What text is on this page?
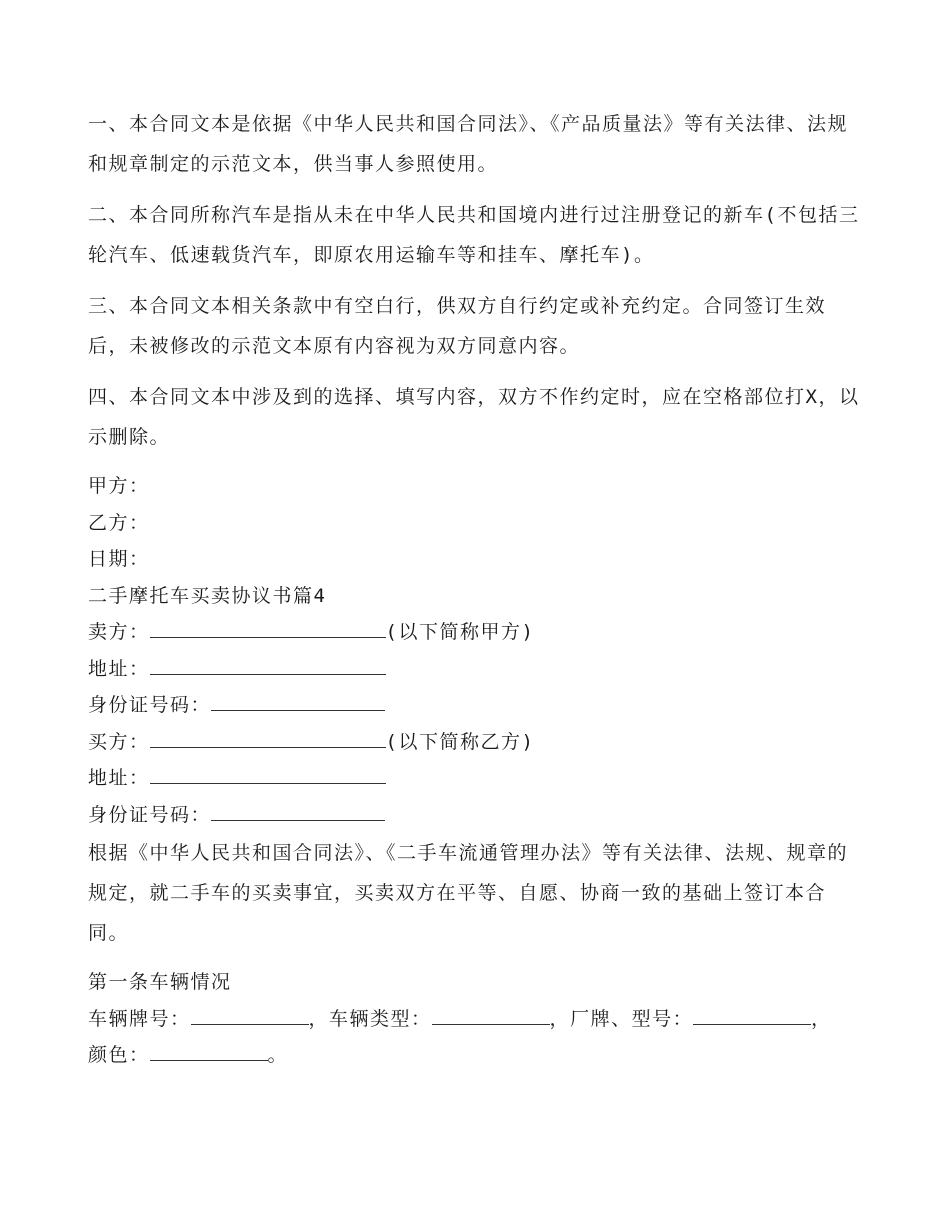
一、本合同文本是依据《中华人民共和国合同法》、《产品质量法》等有关法律、法规和规章制定的示范文本，供当事人参照使用。

二、本合同所称汽车是指从未在中华人民共和国境内进行过注册登记的新车(不包括三轮汽车、低速载货汽车，即原农用运输车等和挂车、摩托车)。

三、本合同文本相关条款中有空白行，供双方自行约定或补充约定。合同签订生效后，未被修改的示范文本原有内容视为双方同意内容。

四、本合同文本中涉及到的选择、填写内容，双方不作约定时，应在空格部位打X，以示删除。

甲方：

乙方：

日期：

二手摩托车买卖协议书篇4

卖方：	(以下简称甲方)

地址：

身份证号码：

买方：	(以下简称乙方)

地址：

身份证号码：

根据《中华人民共和国合同法》、《二手车流通管理办法》等有关法律、法规、规章的规定，就二手车的买卖事宜，买卖双方在平等、自愿、协商一致的基础上签订本合同。

第一条车辆情况

车辆牌号：	，车辆类型：	，厂牌、型号：	，

颜色：	。
